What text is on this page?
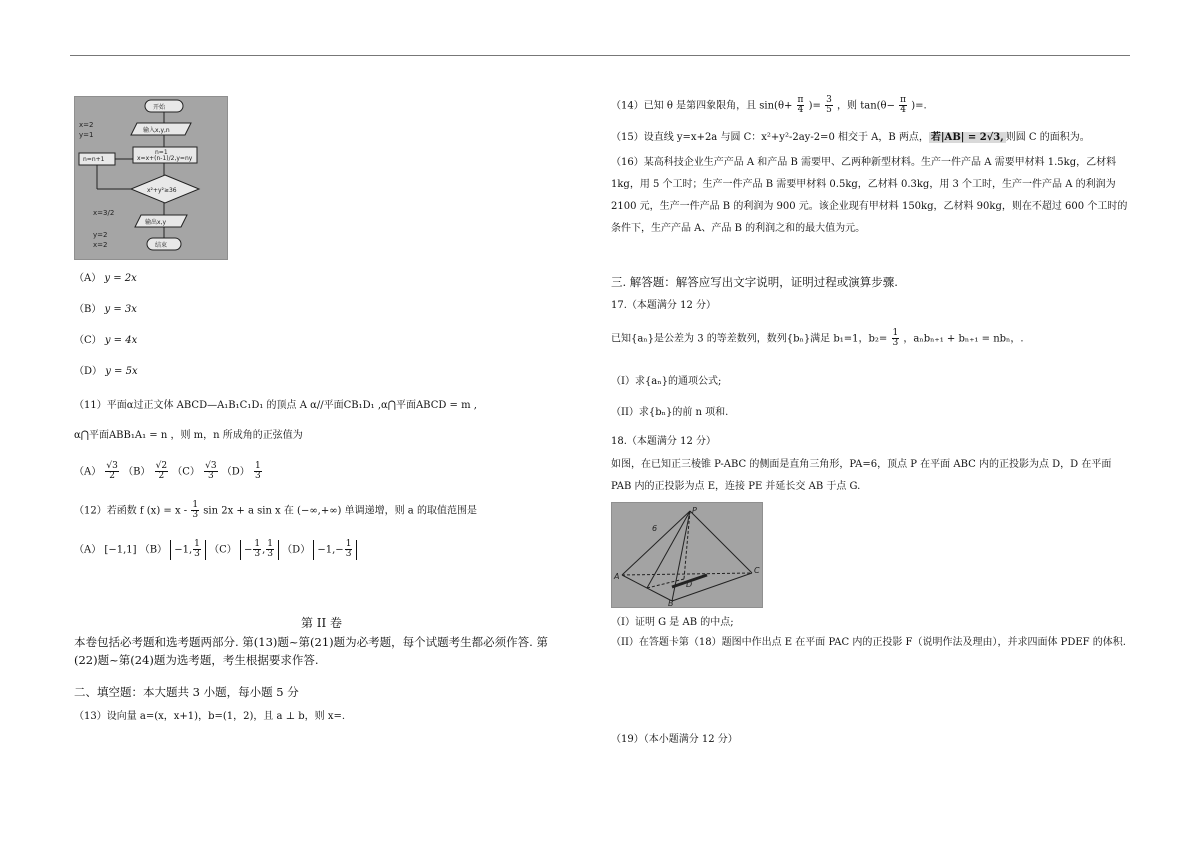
开始
输入x,y,n
n=1
x=x+(n-1)/2,y=ny
n=n+1
x²+y²≥36
输出x,y
结束
x=2
y=1
x=3/2
y=2
x=2

（A） y = 2x

（B） y = 3x

（C） y = 4x

（D） y = 5x

（11）平面α过正文体 ABCD—A₁B₁C₁D₁ 的顶点 A α//平面CB₁D₁ ,α⋂平面ABCD = m ,

α⋂平面ABB₁A₁ = n ，则 m，n 所成角的正弦值为

$(A) \frac{√3}{2} (B) \frac{√2}{2} (C) \frac{√3}{3} (D) \frac{1}{3}$
（12）若函数 f $(x) = x - \frac{1}{3}$ sin 2x + a sin x 在 (−∞,+∞) 单调递增，则 a 的取值范围是
（A） [−1,1] （B） −1, $\frac{1}{3} (C) - \frac{1}{3}$ , $\frac{1}{3} (D) -1,- \frac{1}{3}$

第 II 卷

本卷包括必考题和选考题两部分. 第(13)题~第(21)题为必考题，每个试题考生都必须作答. 第(22)题~第(24)题为选考题，考生根据要求作答.

二、填空题：本大题共 3 小题，每小题 5 分

（13）设向量 a=(x，x+1)，b=(1，2)，且 a ⊥ b，则 x=.

（14）已知 θ 是第四象限角，且 $\sin(\theta+ \frac{\pi}{4}$ )= $\frac{3}{5}$ ，则 $\tan(\theta- \frac{\pi}{4}$ )=.

（15）设直线 y=x+2a 与圆 C：x²+y²-2ay-2=0 相交于 A，B 两点， 若|AB| = 2√3, 则圆 C 的面积为。

（16）某高科技企业生产产品 A 和产品 B 需要甲、乙两种新型材料。生产一件产品 A 需要甲材料 1.5kg，乙材料 1kg，用 5 个工时；生产一件产品 B 需要甲材料 0.5kg，乙材料 0.3kg，用 3 个工时，生产一件产品 A 的利润为 2100 元，生产一件产品 B 的利润为 900 元。该企业现有甲材料 150kg，乙材料 90kg，则在不超过 600 个工时的条件下，生产产品 A、产品 B 的利润之和的最大值为元。

三. 解答题：解答应写出文字说明，证明过程或演算步骤.

17.（本题满分 12 分）

已知{aₙ}是公差为 3 的等差数列，数列{bₙ}满足 b₁=1，$b_2= \frac{1}{3}$ ，aₙbₙ₊₁ + bₙ₊₁ = nbₙ，.

（I）求{aₙ}的通项公式;

（II）求{bₙ}的前 n 项和.

18.（本题满分 12 分）

如图，在已知正三棱锥 P-ABC 的侧面是直角三角形，PA=6，顶点 P 在平面 ABC 内的正投影为点 D，D 在平面 PAB 内的正投影为点 E，连接 PE 并延长交 AB 于点 G.

P
A
B
C
D
6

（I）证明 G 是 AB 的中点;

（II）在答题卡第（18）题图中作出点 E 在平面 PAC 内的正投影 F（说明作法及理由），并求四面体 PDEF 的体积.

（19）（本小题满分 12 分）
